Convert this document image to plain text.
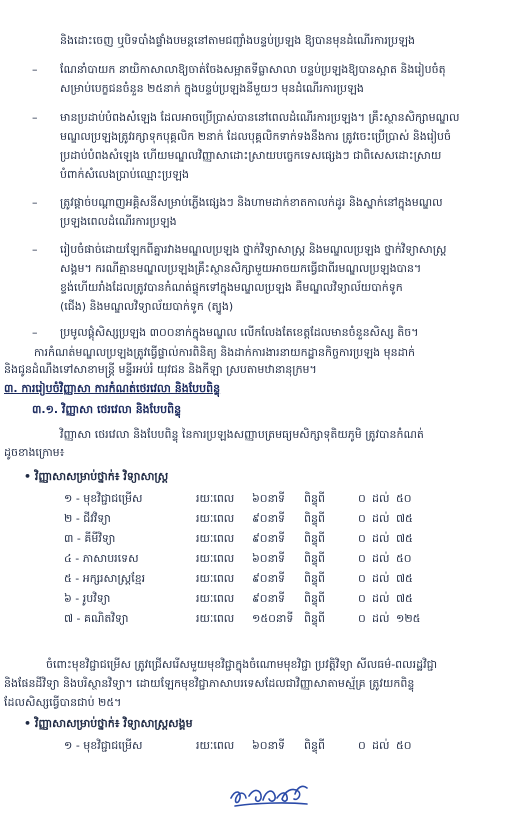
និងដោះចេញ ឬបិទបាំងផ្ទាំងបមន្តនៅតាមជញ្ជាំងបន្ទប់ប្រឡង ឱ្យបានមុនដំណើរការប្រឡង
– ណែនាំបាយក នាយិកាសាលាឱ្យចាត់ចែងសម្អាតទីធ្លាសាលា បន្ទប់ប្រឡងឱ្យបានស្អាត និងរៀបចំតុ
សម្រាប់បេក្ខជនចំនួន ២៥នាក់ ក្នុងបន្ទប់ប្រឡងនីមួយៗ មុនដំណើរការប្រឡង
– មានប្រដាប់បំពងសំឡេង ដែលអាចប្រើប្រាស់បាននៅពេលដំណើរការប្រឡង។ គ្រឹះស្ថានសិក្សាមណ្ឌល
មណ្ឌលប្រឡងត្រូវរក្សាទុកបុគ្គលិក ២នាក់ ដែលបុគ្គលិកទាក់ទងនឹងការ ត្រូវចេះប្រើប្រាស់ និងរៀបចំ
ប្រដាប់បំពងសំឡេង ហើយមណ្ឌលវិញ្ញាសាដោះស្រាយបច្ចេកទេសផ្សេងៗ ជាពិសេសដោះស្រាយ
បំពាក់សំលេងប្រាប់ឈ្មោះប្រឡង
– ត្រូវផ្តាច់បណ្តាញអគ្គិសនីសម្រាប់ភ្លើងផ្សេងៗ និងហាមដាក់ខាតកាលក់ដូរ និងស្នាក់នៅក្នុងមណ្ឌល
ប្រឡងពេលដំណើរការប្រឡង
– រៀបចំផាច់ដោយឡែកពីគ្នារវាងមណ្ឌលប្រឡង ថ្នាក់វិទ្យាសាស្ត្រ និងមណ្ឌលប្រឡង ថ្នាក់វិទ្យាសាស្ត្រ
សង្គម។ ករណីគ្មានមណ្ឌលប្រឡងគ្រឹះស្ថានសិក្សាមួយអាចយកធ្វើជាពីរមណ្ឌលប្រឡងបាន។
ខ្ទង់ហើយរាំងដែលត្រូវបានកំណត់ផ្ទុកទៅក្នុងមណ្ឌលប្រឡង គឺមណ្ឌលវិទ្យាល័យបាក់ទូក
(ជើង) និងមណ្ឌលវិទ្យាល័យបាក់ទូក (ត្បូង)
– ប្រមូលផ្តុំសិស្សប្រឡង ៣០០នាក់ក្នុងមណ្ឌល លើកលែងតែខេត្តដែលមានចំនួនសិស្ស តិច។
ការកំណត់មណ្ឌលប្រឡងត្រូវធ្វើផ្ទាល់ការពិនិត្យ និងដាក់ការងារនាយកដ្ឋានកិច្ចការប្រឡង មុនដាក់
និងជូនដំណឹងទៅសាខាមន្ត្រី មន្ទីរអប់រំ យុវជន និងកីឡា ស្របតាមឋានានុក្រម។
៣. ការរៀបចំវិញ្ញាសា ការកំណត់ថេរវេលា និងបែបពិន្ទុ
៣.១. វិញ្ញាសា ថេរវេលា និងបែបពិន្ទុ
វិញ្ញាសា ថេរវេលា និងបែបពិន្ទុ នៃការប្រឡងសញ្ញាបត្រមធ្យមសិក្សាទុតិយភូមិ ត្រូវបានកំណត់
ដូចខាងក្រោម៖
• វិញ្ញាសាសម្រាប់ថ្នាក់៖ វិទ្យាសាស្ត្រ
១ - មុខវិជ្ជាជម្រើស	រយៈពេល ៦០នាទី ពិន្ទុពី	០ ដល់ ៥០
២ - ជីវវិទ្យា	រយៈពេល ៩០នាទី ពិន្ទុពី	០ ដល់ ៧៥
៣ - គីមីវិទ្យា	រយៈពេល ៩០នាទី ពិន្ទុពី	០ ដល់ ៧៥
៤ - ភាសាបរទេស	រយៈពេល ៦០នាទី ពិន្ទុពី	០ ដល់ ៥០
៥ - អក្សរសាស្ត្រខ្មែរ	រយៈពេល ៩០នាទី ពិន្ទុពី	០ ដល់ ៧៥
៦ - រូបវិទ្យា	រយៈពេល ៩០នាទី ពិន្ទុពី	០ ដល់ ៧៥
៧ - គណិតវិទ្យា	រយៈពេល ១៥០នាទី ពិន្ទុពី	០ ដល់ ១២៥
ចំពោះមុខវិជ្ជាជម្រើស ត្រូវជ្រើសរើសមួយមុខវិជ្ជាក្នុងចំណោមមុខវិជ្ជា ប្រវត្តិវិទ្យា សីលធម៌-ពលរដ្ឋវិជ្ជា
និងផែនដីវិទ្យា និងបរិស្ថានវិទ្យា។ ដោយឡែកមុខវិជ្ជាភាសាបរទេសដែលជាវិញ្ញាសាតាមស្ម័គ្រ ត្រូវយកពិន្ទុ
ដែលសិស្សធ្វើបានជាប់ ២៥។
• វិញ្ញាសាសម្រាប់ថ្នាក់៖ វិទ្យាសាស្ត្រសង្គម
១ - មុខវិជ្ជាជម្រើស	រយៈពេល ៦០នាទី ពិន្ទុពី	០ ដល់ ៥០
